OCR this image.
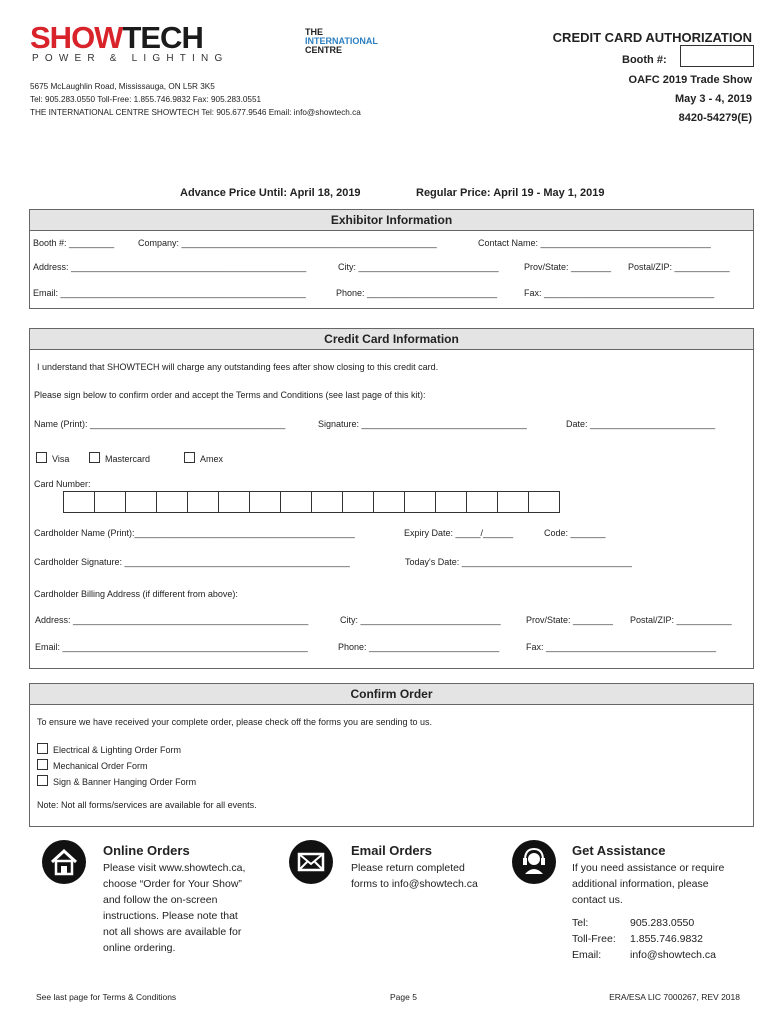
SHOWTECH
POWER & LIGHTING
THE
INTERNATIONAL
CENTRE
5675 McLaughlin Road, Mississauga, ON L5R 3K5
Tel: 905.283.0550 Toll-Free: 1.855.746.9832 Fax: 905.283.0551
THE INTERNATIONAL CENTRE SHOWTECH Tel: 905.677.9546 Email: info@showtech.ca
CREDIT CARD AUTHORIZATION
Booth #:
OAFC 2019 Trade Show
May 3 - 4, 2019
8420-54279(E)
Advance Price Until: April 18, 2019	Regular Price: April 19 - May 1, 2019
Exhibitor Information
Booth #: _________	Company: ___________________________________________________	Contact Name: __________________________________
Address: _______________________________________________	City: ____________________________	Prov/State: ________ Postal/ZIP: ___________
Email: _________________________________________________	Phone: __________________________	Fax: __________________________________
Credit Card Information
I understand that SHOWTECH will charge any outstanding fees after show closing to this credit card.
Please sign below to confirm order and accept the Terms and Conditions (see last page of this kit):
Name (Print): _______________________________________	Signature: _________________________________	Date: _________________________
Visa	Mastercard	Amex
Card Number:
Cardholder Name (Print):____________________________________________	Expiry Date: _____/______	Code: _______
Cardholder Signature: _____________________________________________	Today's Date: __________________________________
Cardholder Billing Address (if different from above):
Address: _______________________________________________	City: ____________________________	Prov/State: ________ Postal/ZIP: ___________
Email: _________________________________________________	Phone: __________________________	Fax: __________________________________
Confirm Order
To ensure we have received your complete order, please check off the forms you are sending to us.
Electrical & Lighting Order Form
Mechanical Order Form
Sign & Banner Hanging Order Form
Note: Not all forms/services are available for all events.
Online Orders
Please visit www.showtech.ca,
choose “Order for Your Show”
and follow the on-screen
instructions. Please note that
not all shows are available for
online ordering.
Email Orders
Please return completed
forms to info@showtech.ca
Get Assistance
If you need assistance or require
additional information, please
contact us.
Tel:	905.283.0550
Toll-Free: 1.855.746.9832
Email:	info@showtech.ca
See last page for Terms & Conditions	Page 5	ERA/ESA LIC 7000267, REV 2018
